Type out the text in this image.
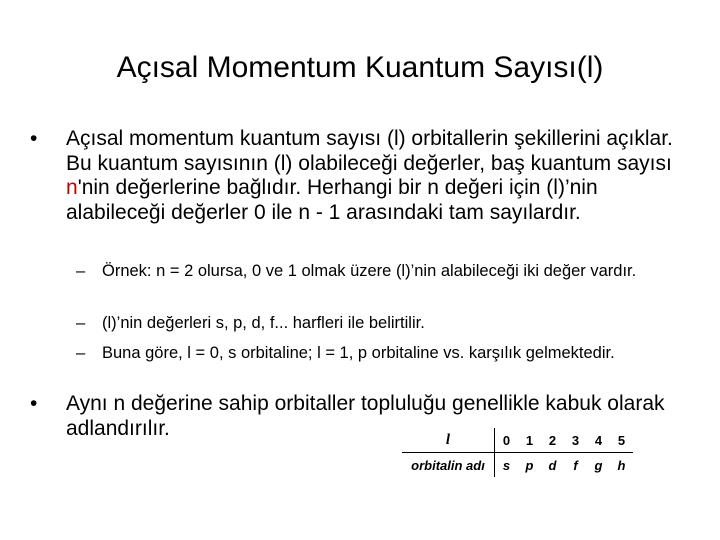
Açısal Momentum Kuantum Sayısı(l)
• Açısal momentum kuantum sayısı (l) orbitallerin şekillerini açıklar. Bu kuantum sayısının (l) olabileceği değerler, baş kuantum sayısı n'nin değerlerine bağlıdır. Herhangi bir n değeri için (l)’nin alabileceği değerler 0 ile n - 1 arasındaki tam sayılardır.
– Örnek: n = 2 olursa, 0 ve 1 olmak üzere (l)’nin alabileceği iki değer vardır.
– (l)’nin değerleri s, p, d, f... harfleri ile belirtilir.
– Buna göre, l = 0, s orbitaline; l = 1, p orbitaline vs. karşılık gelmektedir.
• Aynı n değerine sahip orbitaller topluluğu genellikle kabuk olarak adlandırılır.	l	0	1	2	3	4	5
orbitalin adı	s	p	d	f	g	h
